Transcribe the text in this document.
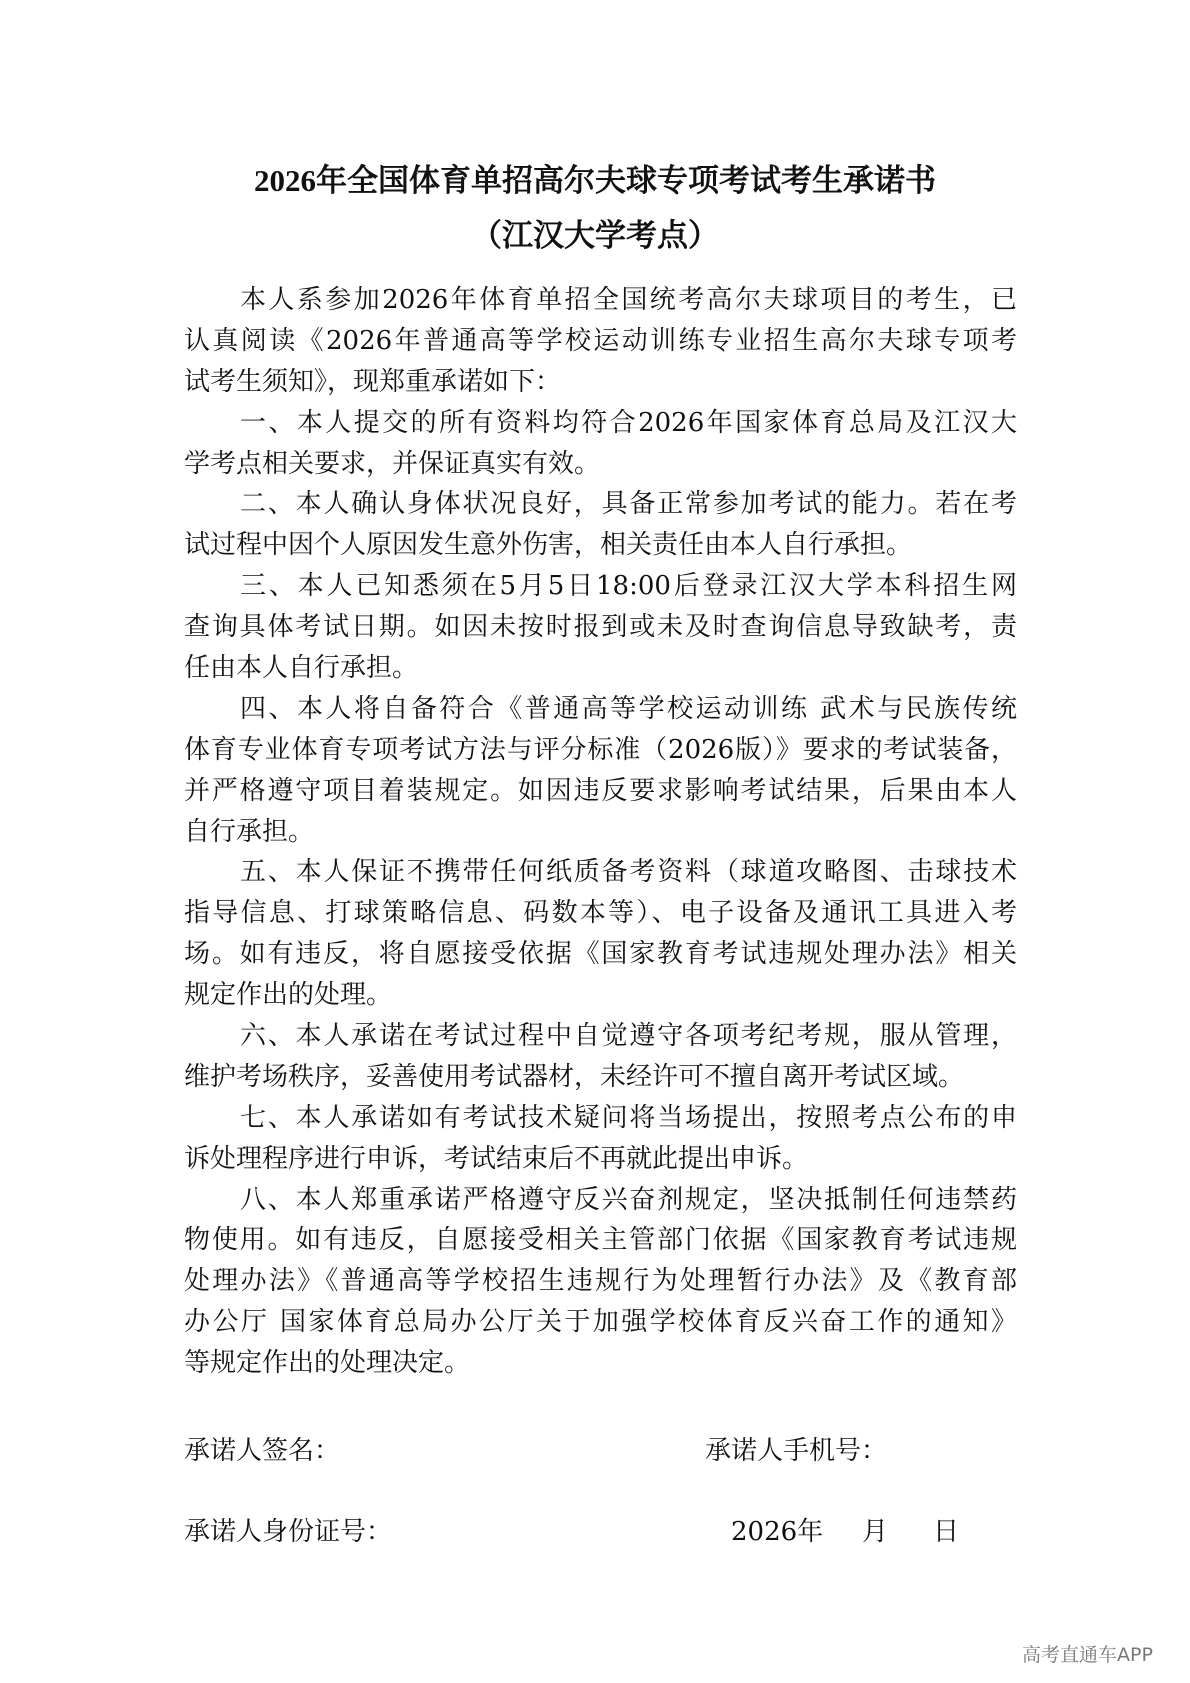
2026年全国体育单招高尔夫球专项考试考生承诺书
（江汉大学考点）
本人系参加2026年体育单招全国统考高尔夫球项目的考生，已
认真阅读《2026年普通高等学校运动训练专业招生高尔夫球专项考
试考生须知》，现郑重承诺如下：
一、本人提交的所有资料均符合2026年国家体育总局及江汉大
学考点相关要求，并保证真实有效。
二、本人确认身体状况良好，具备正常参加考试的能力。若在考
试过程中因个人原因发生意外伤害，相关责任由本人自行承担。
三、本人已知悉须在5月5日18:00后登录江汉大学本科招生网
查询具体考试日期。如因未按时报到或未及时查询信息导致缺考，责
任由本人自行承担。
四、本人将自备符合《普通高等学校运动训练 武术与民族传统
体育专业体育专项考试方法与评分标准（2026版）》要求的考试装备，
并严格遵守项目着装规定。如因违反要求影响考试结果，后果由本人
自行承担。
五、本人保证不携带任何纸质备考资料（球道攻略图、击球技术
指导信息、打球策略信息、码数本等）、电子设备及通讯工具进入考
场。如有违反，将自愿接受依据《国家教育考试违规处理办法》相关
规定作出的处理。
六、本人承诺在考试过程中自觉遵守各项考纪考规，服从管理，
维护考场秩序，妥善使用考试器材，未经许可不擅自离开考试区域。
七、本人承诺如有考试技术疑问将当场提出，按照考点公布的申
诉处理程序进行申诉，考试结束后不再就此提出申诉。
八、本人郑重承诺严格遵守反兴奋剂规定，坚决抵制任何违禁药
物使用。如有违反，自愿接受相关主管部门依据《国家教育考试违规
处理办法》《普通高等学校招生违规行为处理暂行办法》及《教育部
办公厅 国家体育总局办公厅关于加强学校体育反兴奋工作的通知》
等规定作出的处理决定。
承诺人签名：	承诺人手机号：
承诺人身份证号：	2026年 月 日
高考直通车APP
